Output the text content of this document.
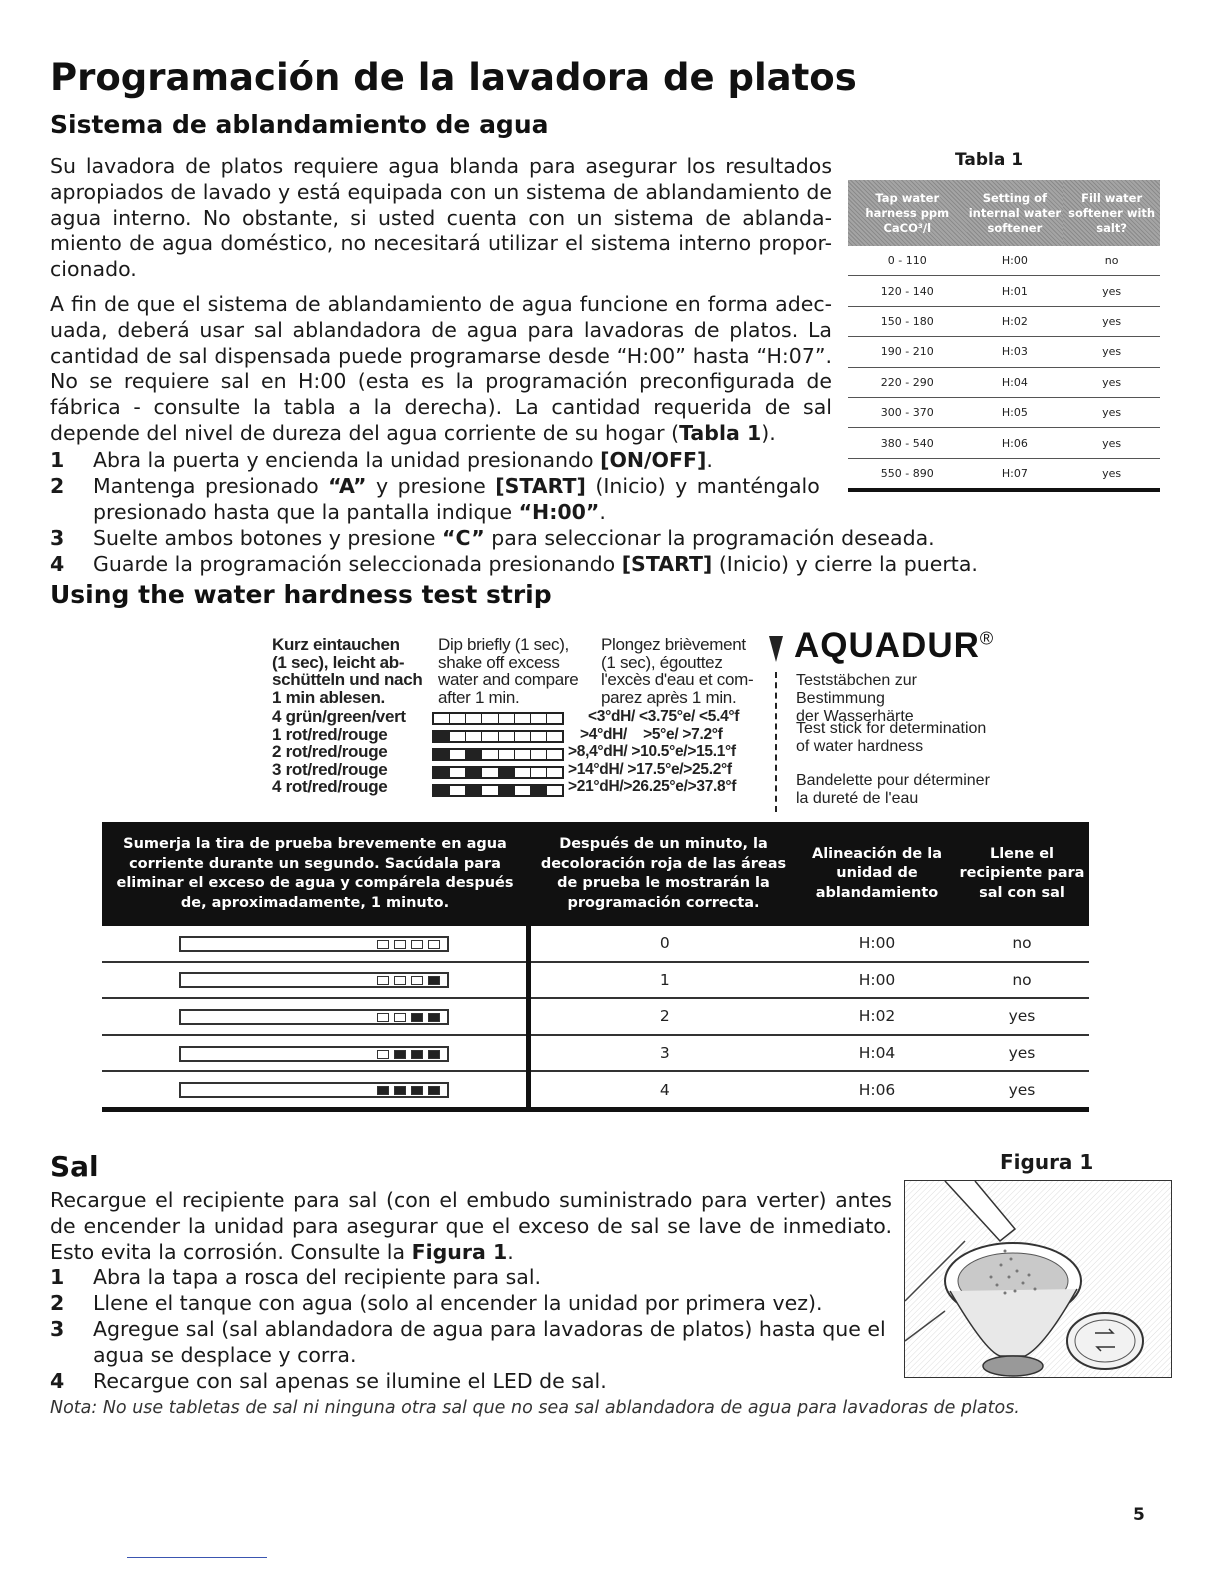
Programación de la lavadora de platos
Sistema de ablandamiento de agua

Su lavadora de platos requiere agua blanda para asegurar los resultados apropiados de lavado y está equipada con un sistema de ablandamiento de agua interno. No obstante, si usted cuenta con un sistema de ablanda-miento de agua doméstico, no necesitará utilizar el sistema interno propor-cionado.

A fin de que el sistema de ablandamiento de agua funcione en forma adec-uada, deberá usar sal ablandadora de agua para lavadoras de platos. La cantidad de sal dispensada puede programarse desde “H:00” hasta “H:07”. No se requiere sal en H:00 (esta es la programación preconfigurada de fábrica - consulte la tabla a la derecha). La cantidad requerida de sal depende del nivel de dureza del agua corriente de su hogar (Tabla 1).

1 Abra la puerta y encienda la unidad presionando [ON/OFF].
2 Mantenga presionado “A” y presione [START] (Inicio) y manténgalo
presionado hasta que la pantalla indique “H:00”.
3 Suelte ambos botones y presione “C” para seleccionar la programación deseada.
4 Guarde la programación seleccionada presionando [START] (Inicio) y cierre la puerta.
Tabla 1
Tap water harness ppm CaCO³/l	Setting of internal water softener	Fill water softener with salt?
0 - 110	H:00	no
120 - 140	H:01	yes
150 - 180	H:02	yes
190 - 210	H:03	yes
220 - 290	H:04	yes
300 - 370	H:05	yes
380 - 540	H:06	yes
550 - 890	H:07	yes
Using the water hardness test strip
Kurz eintauchen
(1 sec), leicht ab-
schütteln und nach
1 min ablesen.
4 grün/green/vert
1 rot/red/rouge
2 rot/red/rouge
3 rot/red/rouge
4 rot/red/rouge
Dip briefly (1 sec),
shake off excess
water and compare
after 1 min.
Plongez brièvement
(1 sec), égouttez
l'excès d'eau et com-
parez après 1 min.
<3°dH/ <3.75°e/ <5.4°f
>4°dH/    >5°e/ >7.2°f
>8,4°dH/ >10.5°e/>15.1°f
>14°dH/ >17.5°e/>25.2°f
>21°dH/>26.25°e/>37.8°f
AQUADUR®
Teststäbchen zur Bestimmung
der Wasserhärte
Test stick for determination
of water hardness
Bandelette pour déterminer
la dureté de l'eau
Sumerja la tira de prueba brevemente en agua corriente durante un segundo. Sacúdala para eliminar el exceso de agua y compárela después de, aproximadamente, 1 minuto.	Después de un minuto, la decoloración roja de las áreas de prueba le mostrarán la programación correcta.	Alineación de la unidad de ablandamiento	Llene el recipiente para sal con sal

	0	H:00	no

	1	H:00	no

	2	H:02	yes

	3	H:04	yes

	4	H:06	yes
Sal	Figura 1

Recargue el recipiente para sal (con el embudo suministrado para verter) antes de encender la unidad para asegurar que el exceso de sal se lave de inmediato. Esto evita la corrosión. Consulte la Figura 1.

1 Abra la tapa a rosca del recipiente para sal.
2 Llene el tanque con agua (solo al encender la unidad por primera vez).
3 Agregue sal (sal ablandadora de agua para lavadoras de platos) hasta que el
agua se desplace y corra.
4 Recargue con sal apenas se ilumine el LED de sal.
Nota: No use tabletas de sal ni ninguna otra sal que no sea sal ablandadora de agua para lavadoras de platos.
5
